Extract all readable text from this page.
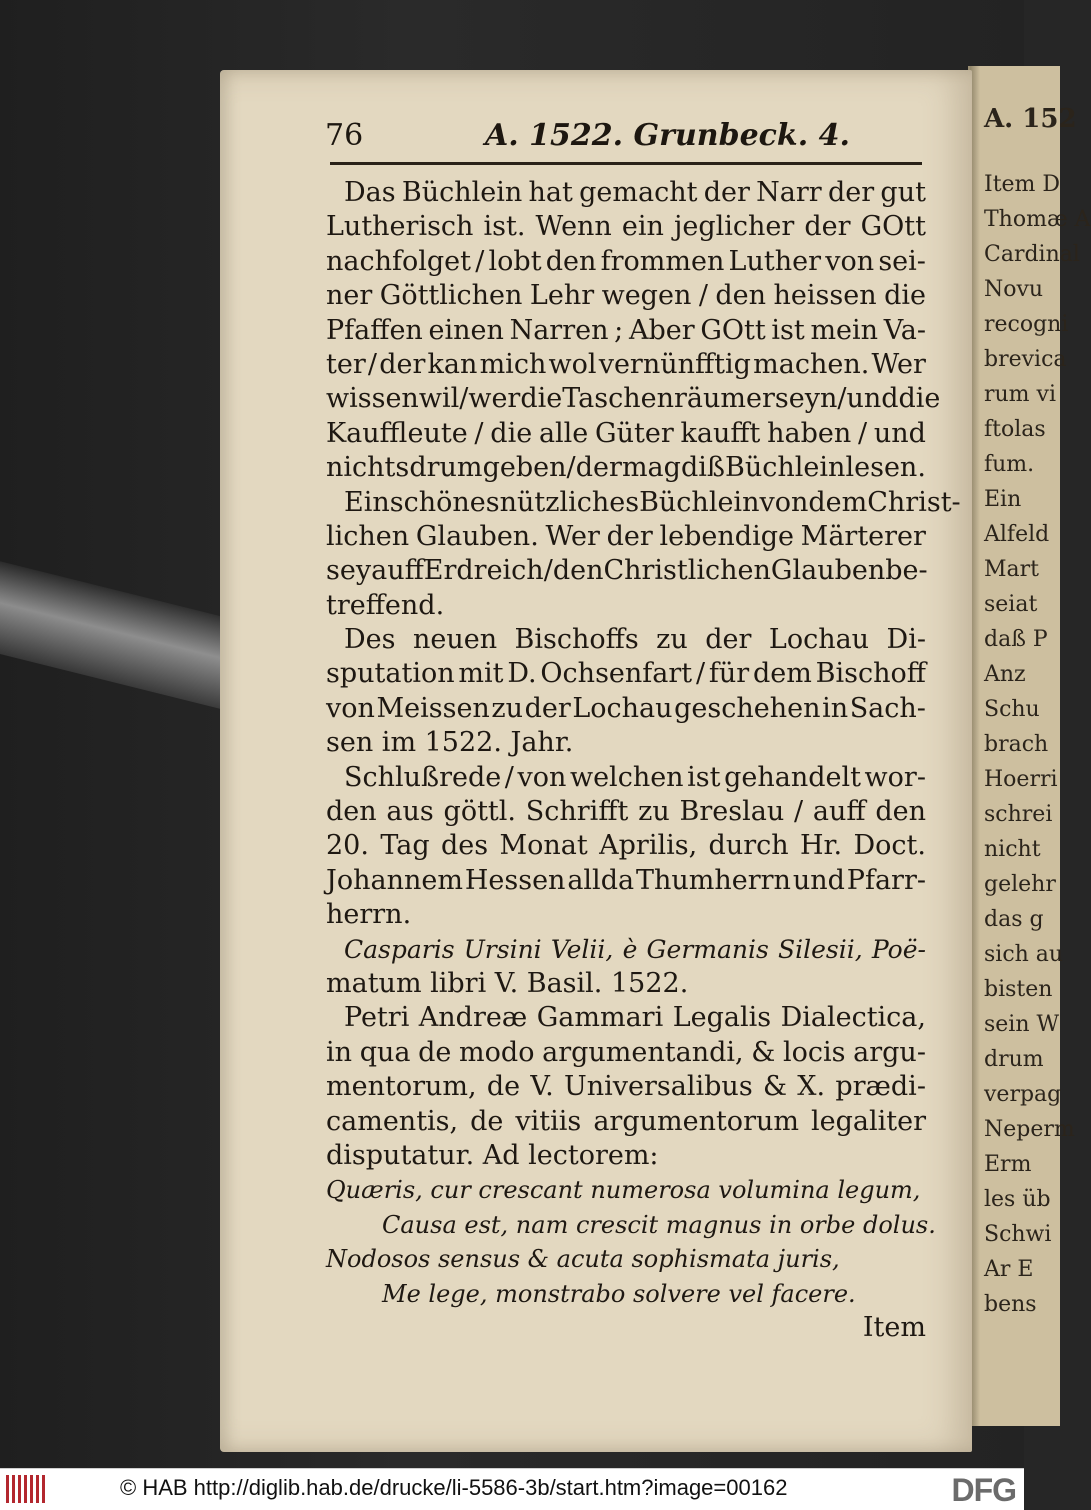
A. 152
Item D
Thomæ A
Cardinal
Novu
recogni
brevica
rum vi
ftolas
fum.
Ein
Alfeld
Mart
seiat
daß P
Anz
Schu
brach
Hoerri
schrei
nicht
gelehr
das g
sich au
bisten
sein W
drum
verpag
Neperm
Erm
les üb
Schwi
Ar E
bens
76	A. 1522. Grunbeck. 4.
Das Büchlein hat gemacht der Narr der gut
Lutherisch ist. Wenn ein jeglicher der GOtt
nachfolget / lobt den frommen Luther von sei-
ner Göttlichen Lehr wegen / den heissen die
Pfaffen einen Narren ; Aber GOtt ist mein Va-
ter / der kan mich wol vernünfftig machen. Wer
wissen wil / wer die Taschenräumer seyn / und die
Kauffleute / die alle Güter kaufft haben / und
nichts drum geben / der mag diß Büchlein lesen.
Ein schönes nützliches Büchlein von dem Christ-
lichen Glauben. Wer der lebendige Märterer
sey auff Erdreich / den Christlichen Glauben be-
treffend.
Des neuen Bischoffs zu der Lochau Di-
sputation mit D. Ochsenfart / für dem Bischoff
von Meissen zu der Lochau geschehen in Sach-
sen im 1522. Jahr.
Schlußrede / von welchen ist gehandelt wor-
den aus göttl. Schrifft zu Breslau / auff den
20. Tag des Monat Aprilis, durch Hr. Doct.
Johannem Hessen allda Thumherrn und Pfarr-
herrn.
Casparis Ursini Velii, è Germanis Silesii, Poë-
matum libri V. Basil. 1522.
Petri Andreæ Gammari Legalis Dialectica,
in qua de modo argumentandi, & locis argu-
mentorum, de V. Universalibus & X. prædi-
camentis, de vitiis argumentorum legaliter
disputatur. Ad lectorem:
Quæris, cur crescant numerosa volumina legum,
Causa est, nam crescit magnus in orbe dolus.
Nodosos sensus & acuta sophismata juris,
Me lege, monstrabo solvere vel facere.
Item
© HAB http://diglib.hab.de/drucke/li-5586-3b/start.htm?image=00162	DFG
